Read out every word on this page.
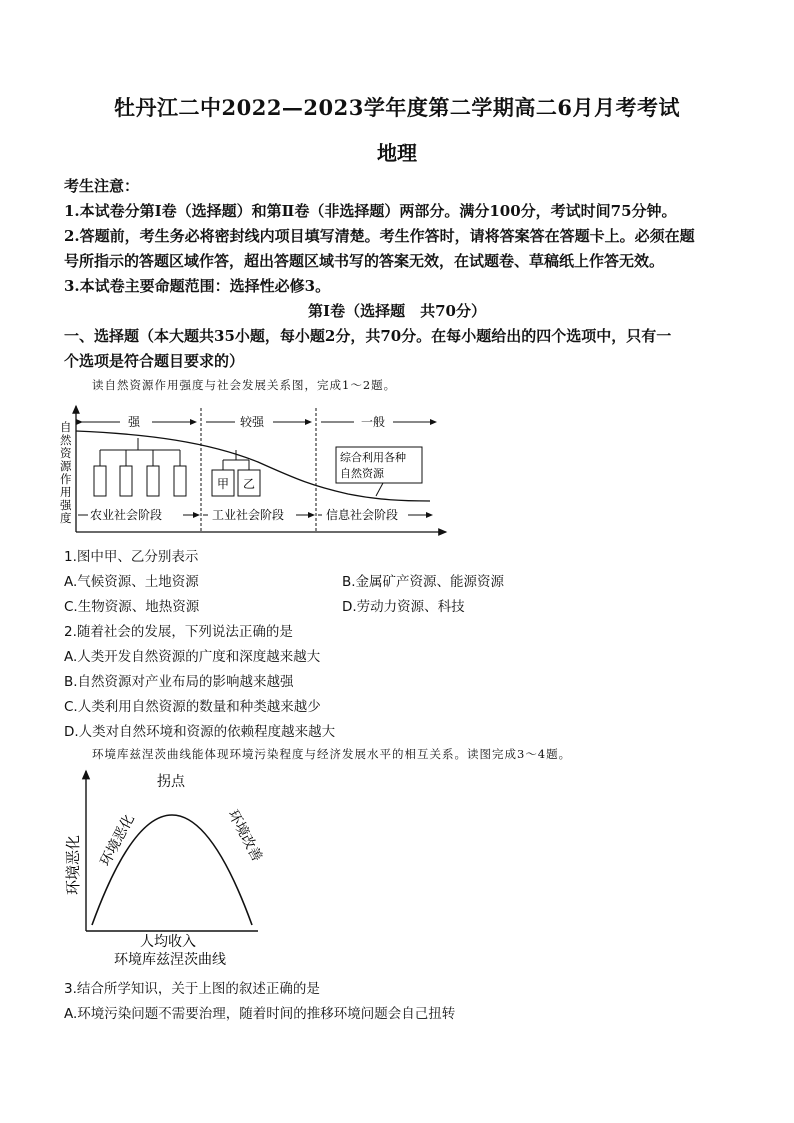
牡丹江二中2022—2023学年度第二学期高二6月月考考试
地理
考生注意：
1.本试卷分第Ⅰ卷（选择题）和第Ⅱ卷（非选择题）两部分。满分100分，考试时间75分钟。
2.答题前，考生务必将密封线内项目填写清楚。考生作答时，请将答案答在答题卡上。必须在题
号所指示的答题区域作答，超出答题区域书写的答案无效，在试题卷、草稿纸上作答无效。
3.本试卷主要命题范围：选择性必修3。
第Ⅰ卷（选择题　共70分）
一、选择题（本大题共35小题，每小题2分，共70分。在每小题给出的四个选项中，只有一
个选项是符合题目要求的）
读自然资源作用强度与社会发展关系图，完成1～2题。
自
然
资
源
作
用
强
度
强	较强	一般
甲 乙
综合利用各种
自然资源
农业社会阶段	工业社会阶段	信息社会阶段
1.图中甲、乙分别表示
A.气候资源、土地资源	B.金属矿产资源、能源资源
C.生物资源、地热资源	D.劳动力资源、科技
2.随着社会的发展，下列说法正确的是
A.人类开发自然资源的广度和深度越来越大
B.自然资源对产业布局的影响越来越强
C.人类利用自然资源的数量和种类越来越少
D.人类对自然环境和资源的依赖程度越来越大
环境库兹涅茨曲线能体现环境污染程度与经济发展水平的相互关系。读图完成3～4题。
环境恶化
拐点
环境恶化	环境改善
人均收入
环境库兹涅茨曲线
3.结合所学知识，关于上图的叙述正确的是
A.环境污染问题不需要治理，随着时间的推移环境问题会自己扭转
